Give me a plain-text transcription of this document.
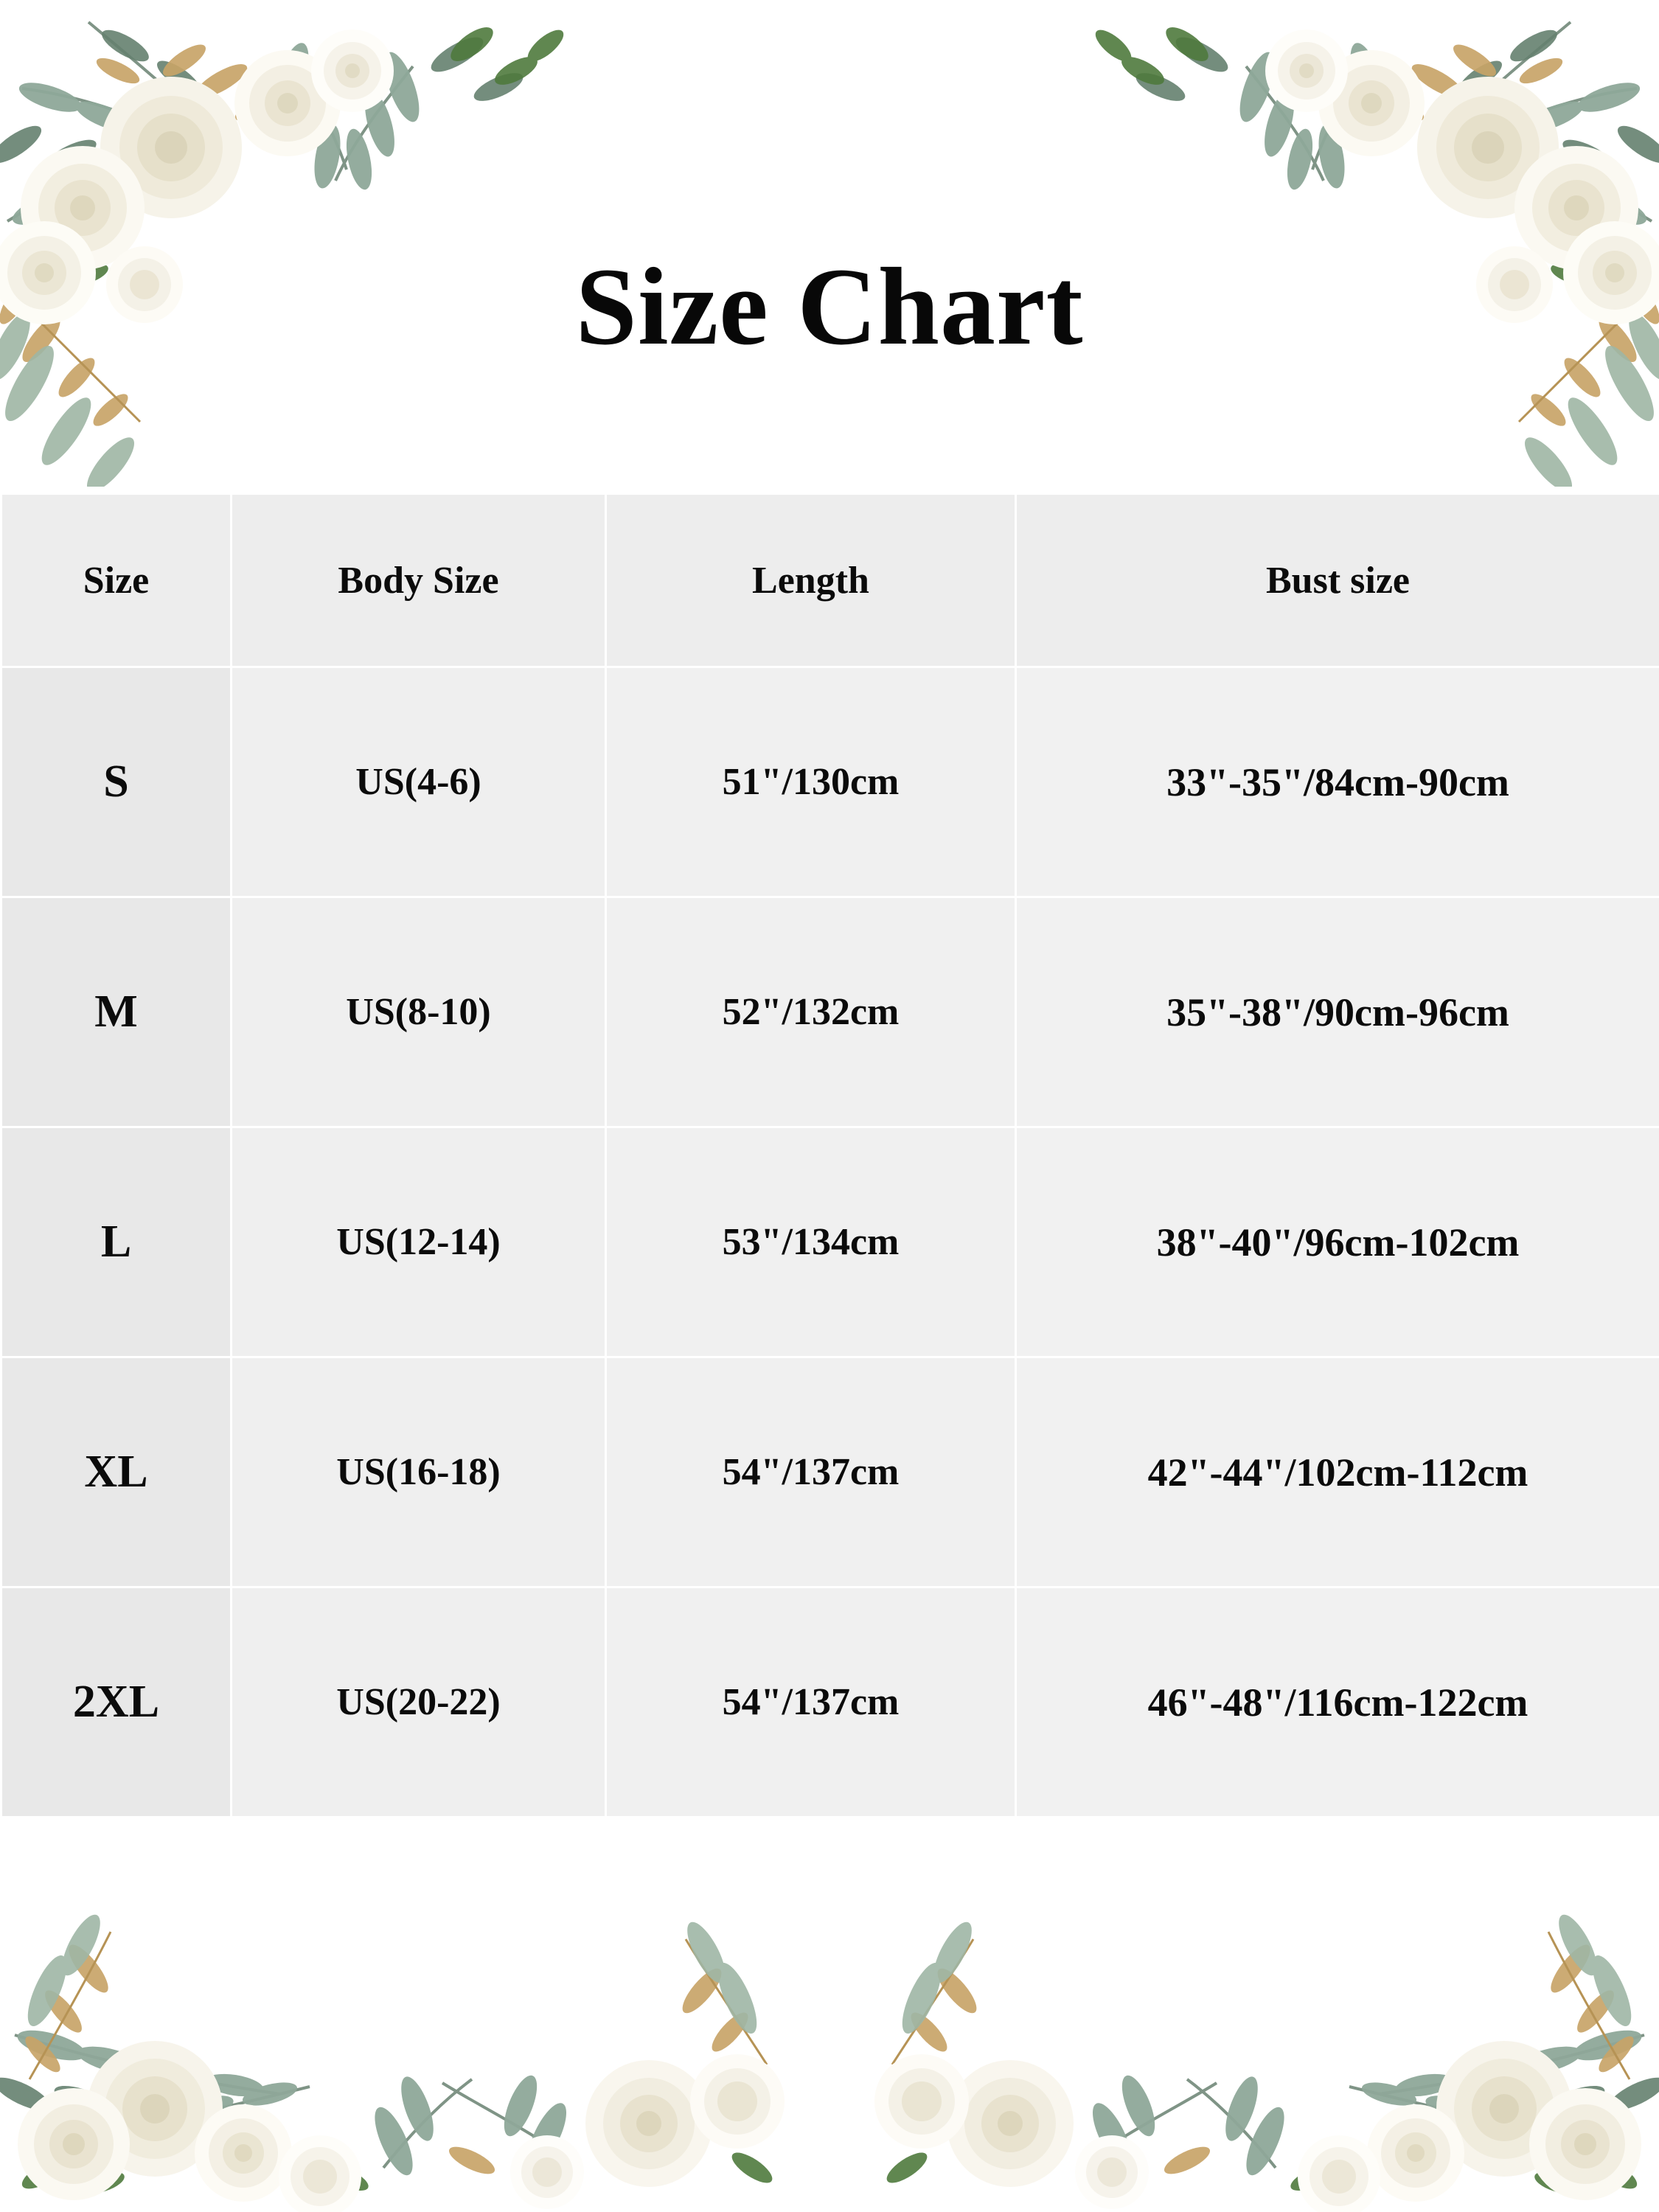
Size Chart
Size	Body Size	Length	Bust size
S	US(4-6)	51"/130cm	33"-35"/84cm-90cm
M	US(8-10)	52"/132cm	35"-38"/90cm-96cm
L	US(12-14)	53"/134cm	38"-40"/96cm-102cm
XL	US(16-18)	54"/137cm	42"-44"/102cm-112cm
2XL	US(20-22)	54"/137cm	46"-48"/116cm-122cm
